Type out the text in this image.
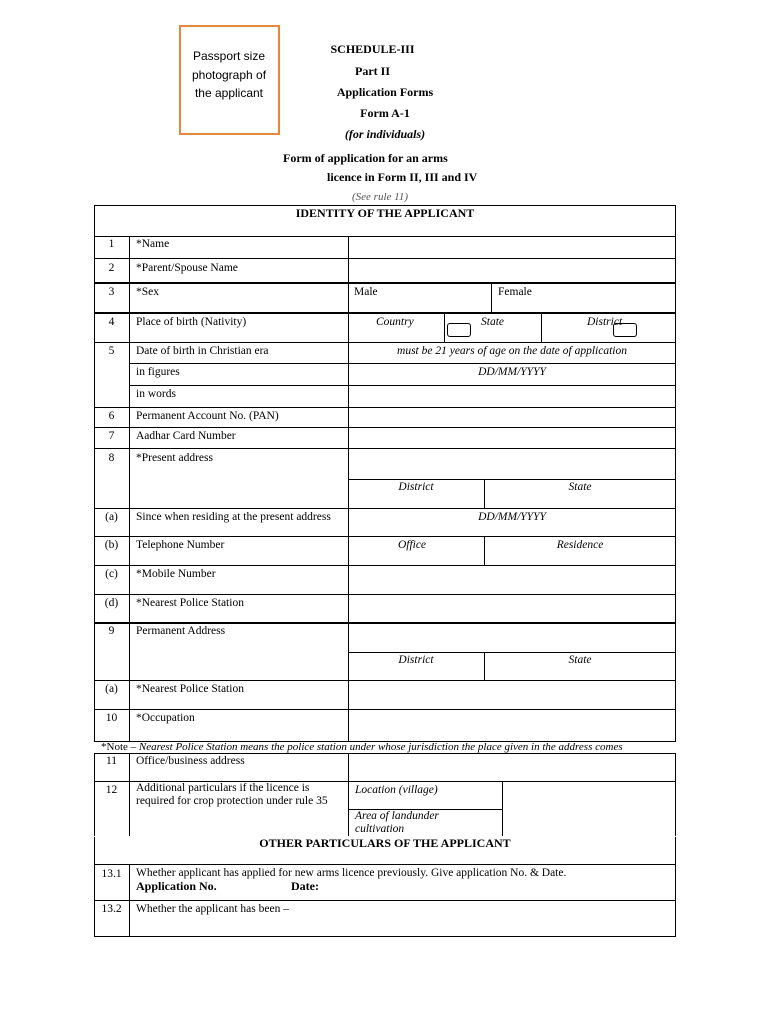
Passport size
photograph of
the applicant
SCHEDULE-III
Part II
Application Forms
Form A-1
(for individuals)
Form of application for an arms
licence in Form II, III and IV
(See rule 11)
IDENTITY OF THE APPLICANT
1	*Name
2	*Parent/Spouse Name
3	*Sex	Male	Female
4	Place of birth (Nativity)	Country	State	District
5	Date of birth in Christian era	must be 21 years of age on the date of application
in figures	DD/MM/YYYY
in words
6	Permanent Account No. (PAN)
7	Aadhar Card Number
8	*Present address
District	State
(a)	Since when residing at the present address	DD/MM/YYYY
(b)	Telephone Number	Office	Residence
(c)	*Mobile Number
(d)	*Nearest Police Station
9	Permanent Address
District	State
(a)	*Nearest Police Station
10	*Occupation
*Note – Nearest Police Station means the police station under whose jurisdiction the place given in the address comes
11	Office/business address
12	Additional particulars if the licence is
required for crop protection under rule 35
Location (village)
Area of landunder
cultivation
OTHER PARTICULARS OF THE APPLICANT
13.1	Whether applicant has applied for new arms licence previously. Give application No. & Date.
Application No.	Date:
13.2	Whether the applicant has been –
